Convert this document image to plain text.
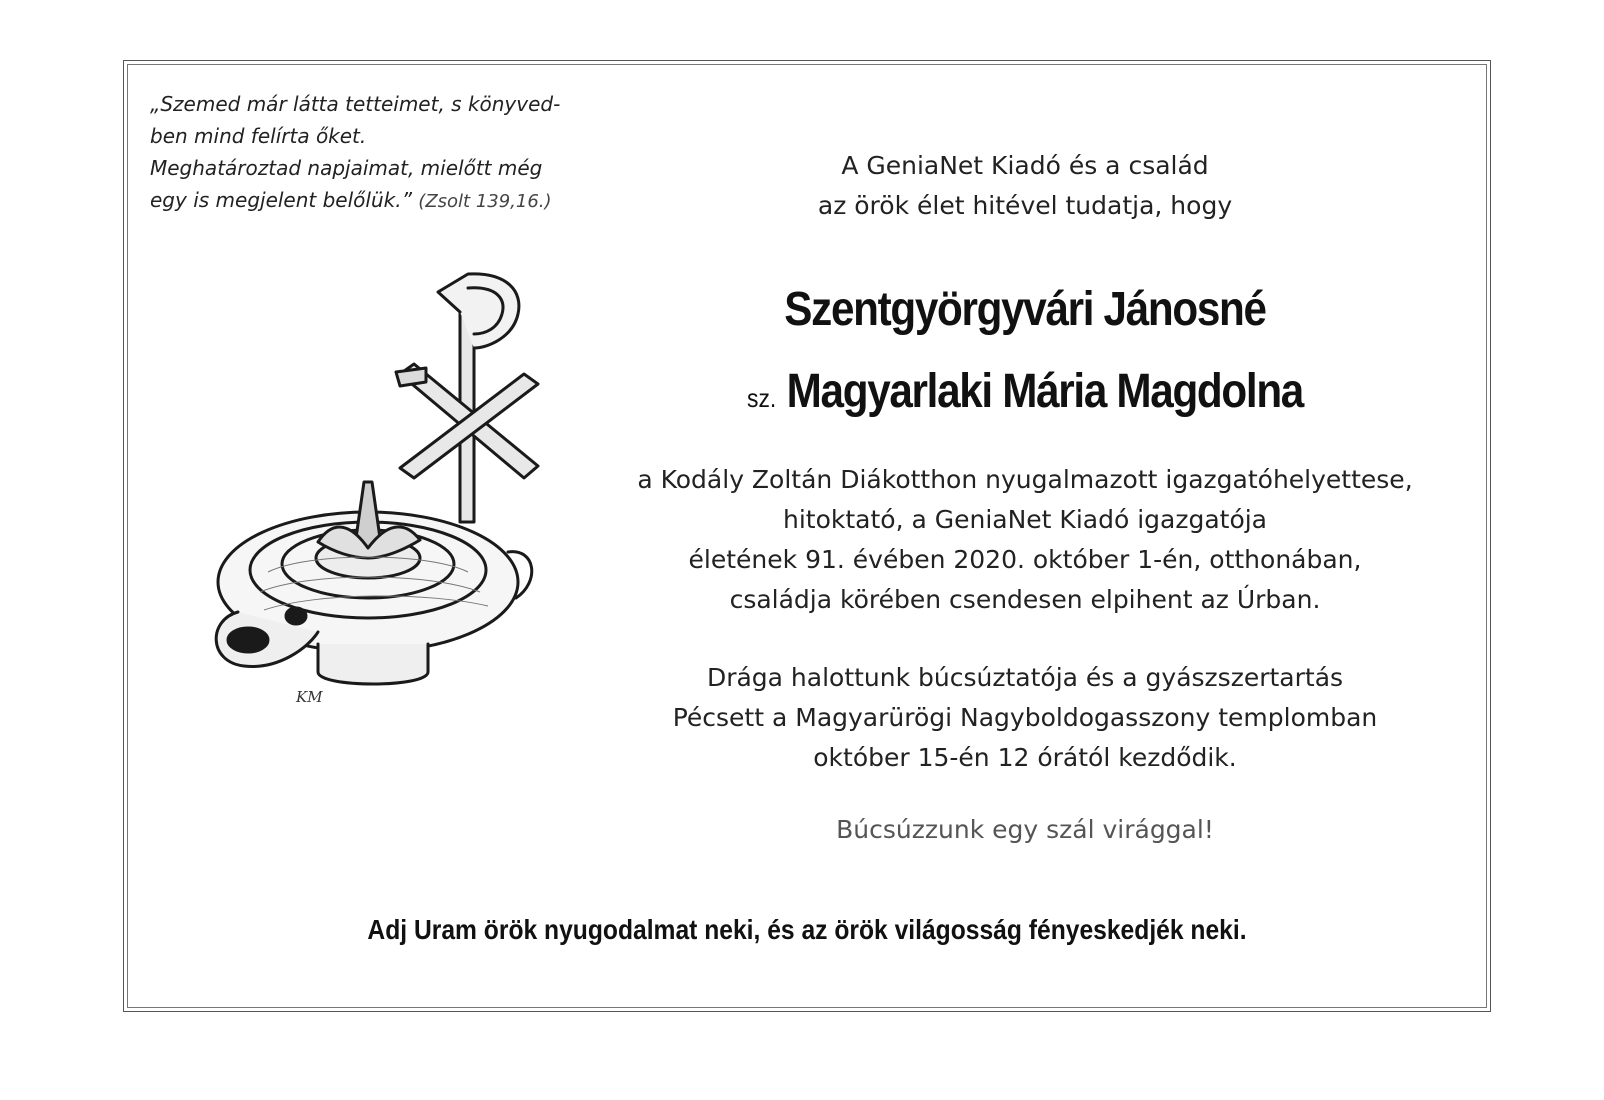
„Szemed már látta tetteimet, s könyved-
ben mind felírta őket.
Meghatároztad napjaimat, mielőtt még
egy is megjelent belőlük.” (Zsolt 139,16.)
KM
A GeniaNet Kiadó és a család
az örök élet hitével tudatja, hogy
Szentgyörgyvári Jánosné
sz. Magyarlaki Mária Magdolna
a Kodály Zoltán Diákotthon nyugalmazott igazgatóhelyettese,
hitoktató, a GeniaNet Kiadó igazgatója
életének 91. évében 2020. október 1-én, otthonában,
családja körében csendesen elpihent az Úrban.
Drága halottunk búcsúztatója és a gyászszertartás
Pécsett a Magyarürögi Nagyboldogasszony templomban
október 15-én 12 órától kezdődik.
Búcsúzzunk egy szál virággal!
Adj Uram örök nyugodalmat neki, és az örök világosság fényeskedjék neki.
